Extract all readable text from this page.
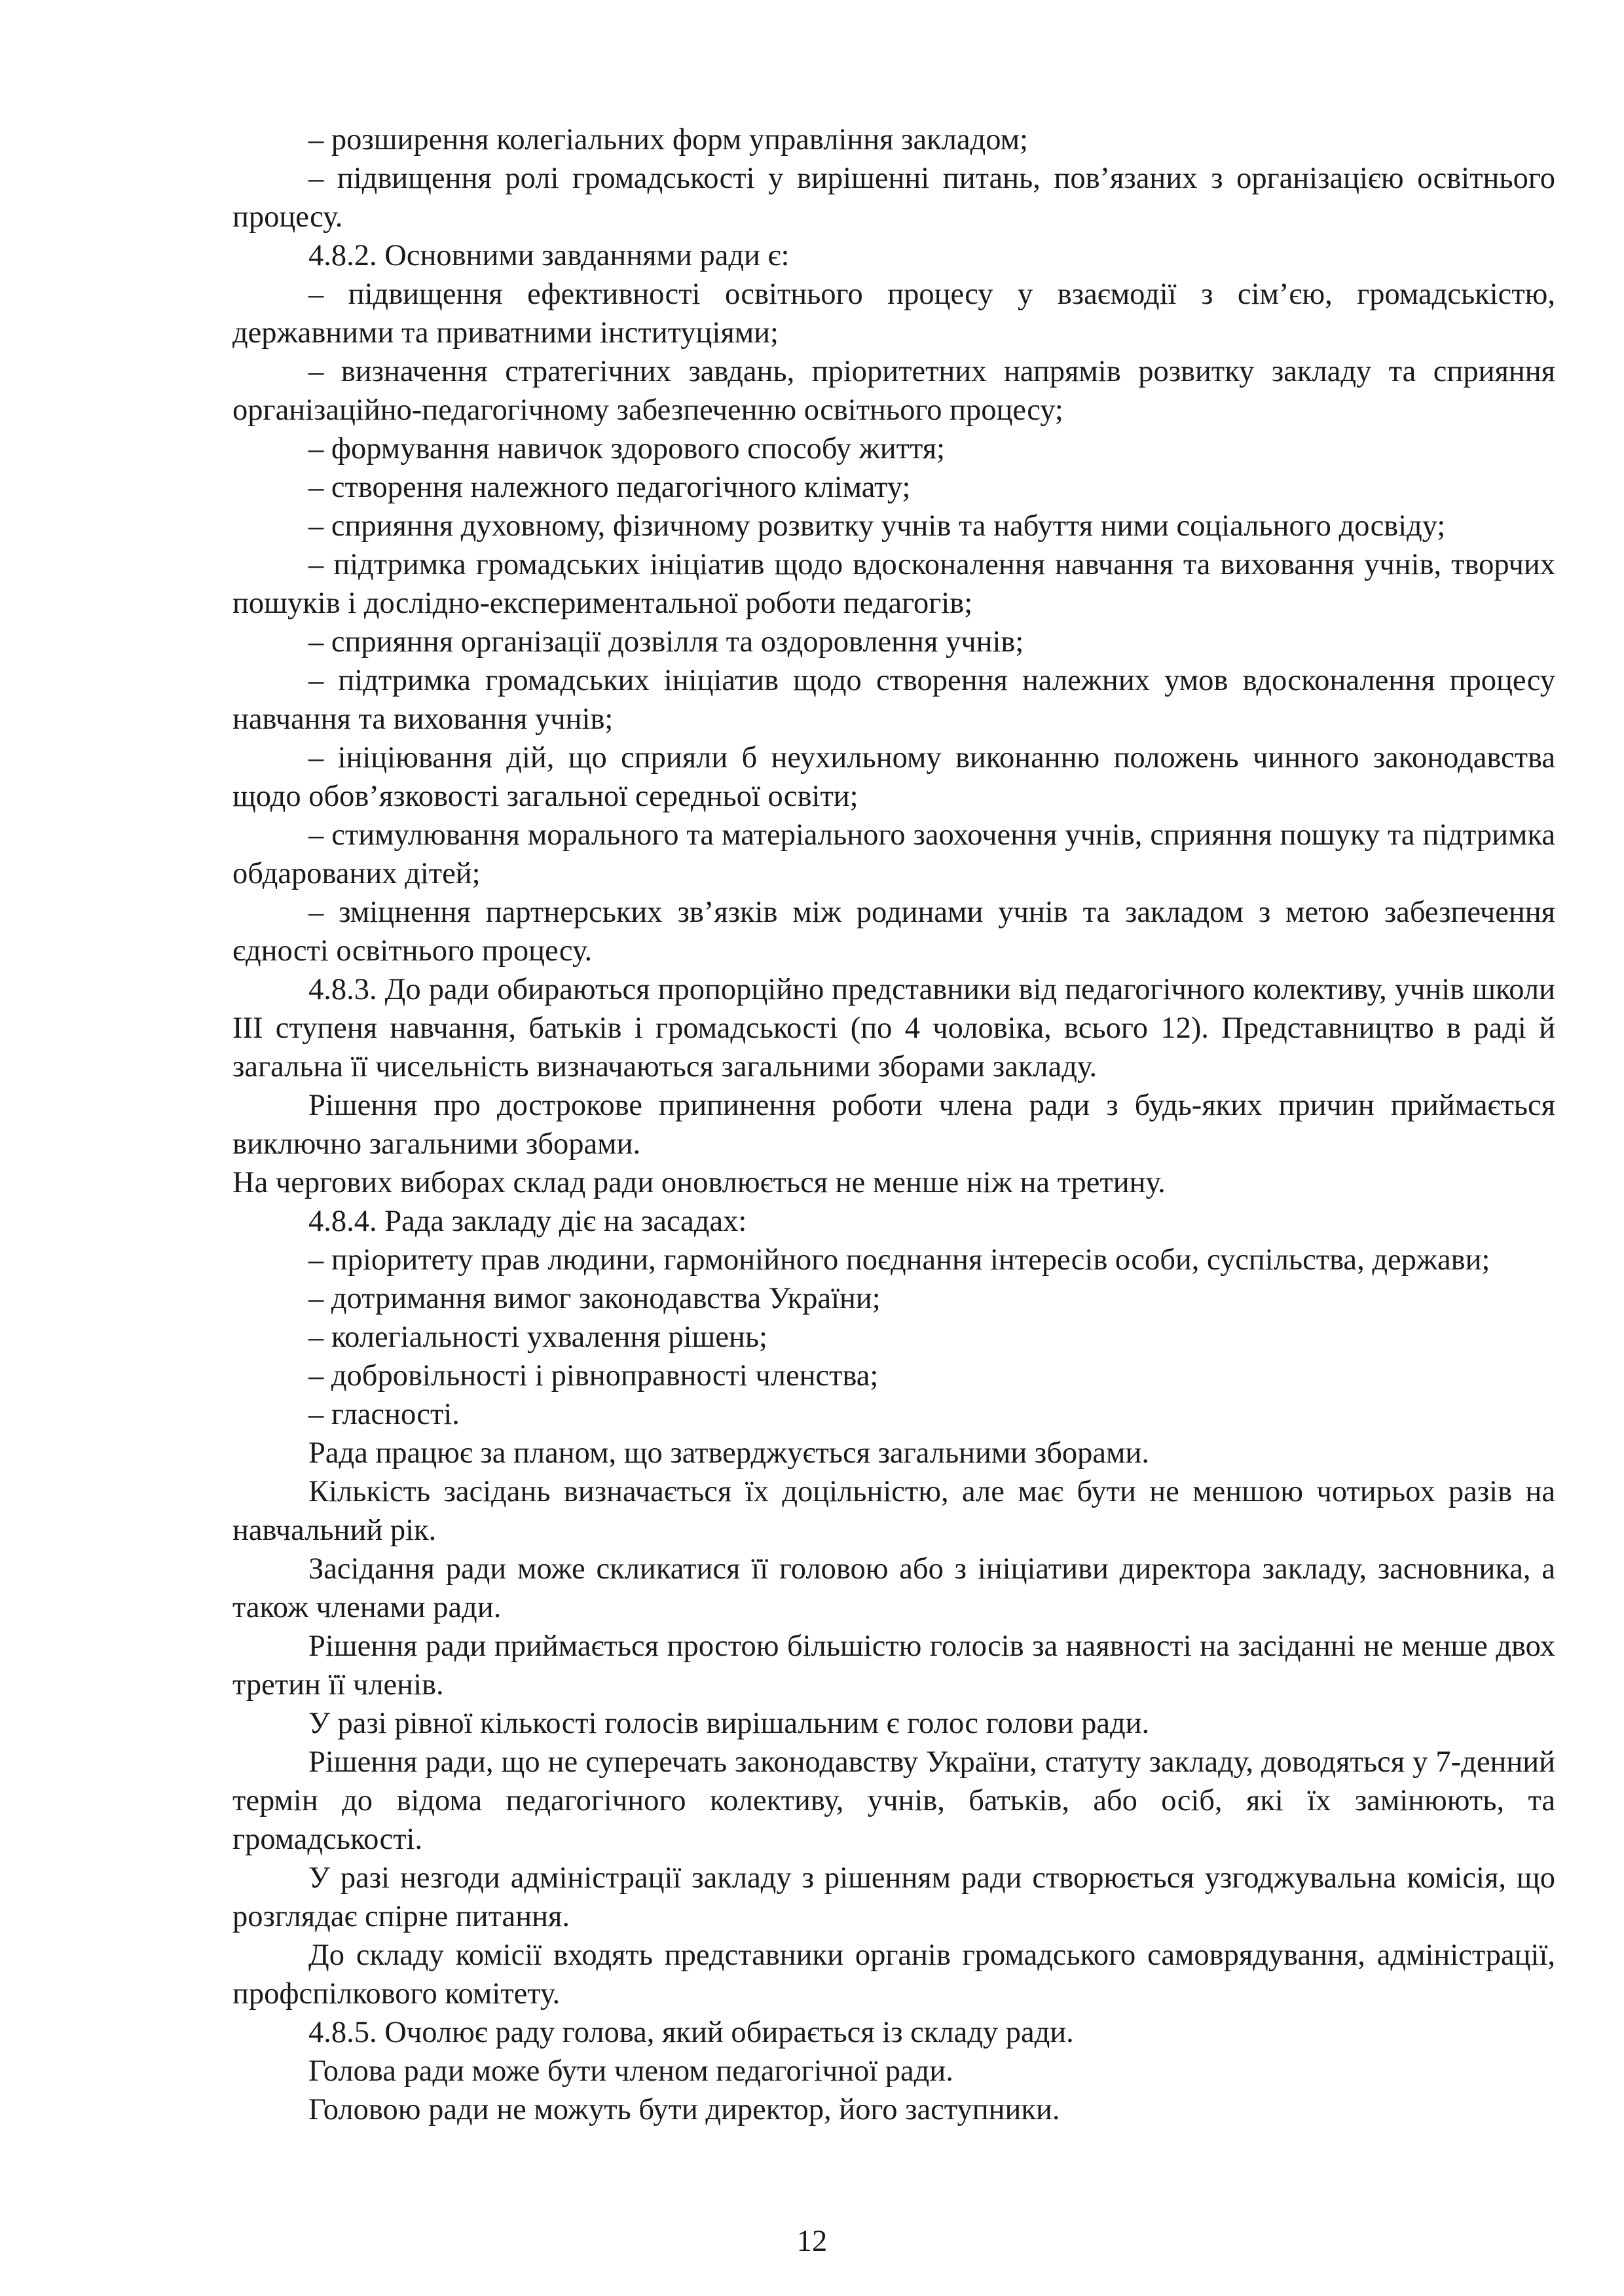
– розширення колегіальних форм управління закладом;

– підвищення ролі громадськості у вирішенні питань, пов’язаних з організацією освітнього процесу.

4.8.2. Основними завданнями ради є:

– підвищення ефективності освітнього процесу у взаємодії з сім’єю, громадськістю, державними та приватними інституціями;

– визначення стратегічних завдань, пріоритетних напрямів розвитку закладу та сприяння організаційно-педагогічному забезпеченню освітнього процесу;

– формування навичок здорового способу життя;

– створення належного педагогічного клімату;

– сприяння духовному, фізичному розвитку учнів та набуття ними соціального досвіду;

– підтримка громадських ініціатив щодо вдосконалення навчання та виховання учнів, творчих пошуків і дослідно-експериментальної роботи педагогів;

– сприяння організації дозвілля та оздоровлення учнів;

– підтримка громадських ініціатив щодо створення належних умов вдосконалення процесу навчання та виховання учнів;

– ініціювання дій, що сприяли б неухильному виконанню положень чинного законодавства щодо обов’язковості загальної середньої освіти;

– стимулювання морального та матеріального заохочення учнів, сприяння пошуку та підтримка обдарованих дітей;

– зміцнення партнерських зв’язків між родинами учнів та закладом з метою забезпечення єдності освітнього процесу.

4.8.3. До ради обираються пропорційно представники від педагогічного колективу, учнів школи ІІІ ступеня навчання, батьків і громадськості (по 4 чоловіка, всього 12). Представництво в раді й загальна її чисельність визначаються загальними зборами закладу.

Рішення про дострокове припинення роботи члена ради з будь-яких причин приймається виключно загальними зборами.

На чергових виборах склад ради оновлюється не менше ніж на третину.

4.8.4. Рада закладу діє на засадах:

– пріоритету прав людини, гармонійного поєднання інтересів особи, суспільства, держави;

– дотримання вимог законодавства України;

– колегіальності ухвалення рішень;

– добровільності і рівноправності членства;

– гласності.

Рада працює за планом, що затверджується загальними зборами.

Кількість засідань визначається їх доцільністю, але має бути не меншою чотирьох разів на навчальний рік.

Засідання ради може скликатися її головою або з ініціативи директора закладу, засновника, а також членами ради.

Рішення ради приймається простою більшістю голосів за наявності на засіданні не менше двох третин її членів.

У разі рівної кількості голосів вирішальним є голос голови ради.

Рішення ради, що не суперечать законодавству України, статуту закладу, доводяться у 7-денний термін до відома педагогічного колективу, учнів, батьків, або осіб, які їх замінюють, та громадськості.

У разі незгоди адміністрації закладу з рішенням ради створюється узгоджувальна комісія, що розглядає спірне питання.

До складу комісії входять представники органів громадського самоврядування, адміністрації, профспілкового комітету.

4.8.5. Очолює раду голова, який обирається із складу ради.

Голова ради може бути членом педагогічної ради.

Головою ради не можуть бути директор, його заступники.

12
